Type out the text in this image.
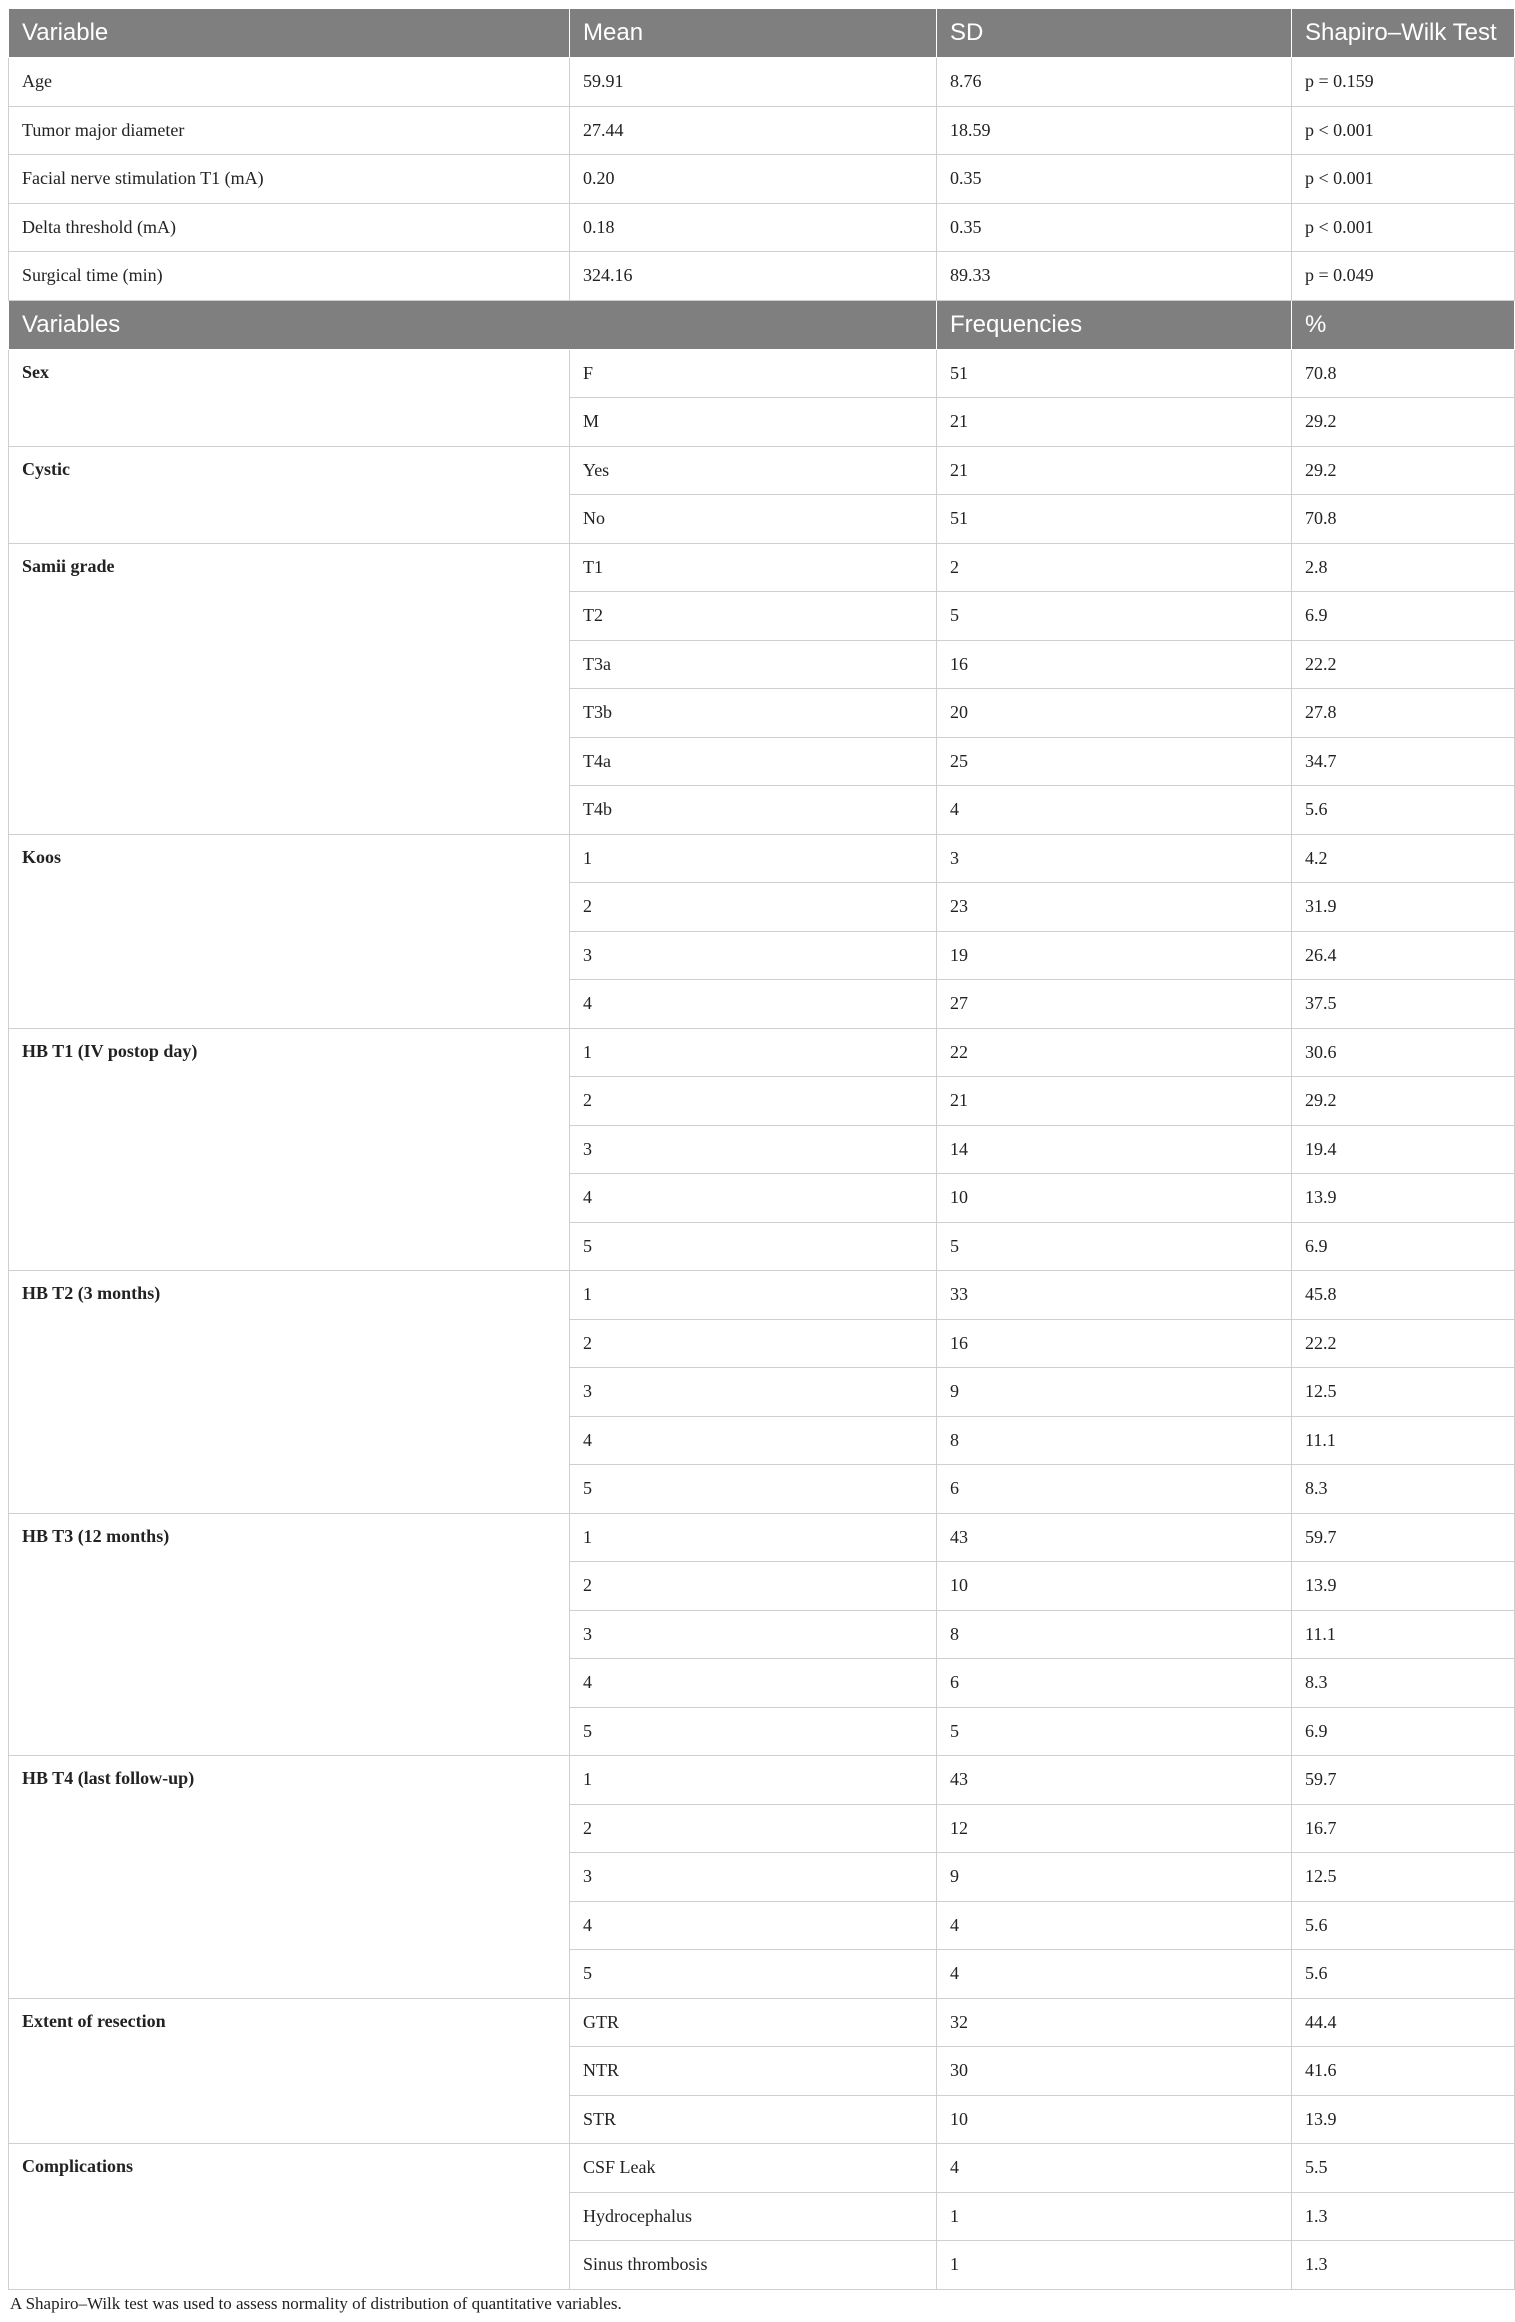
Variable	Mean	SD	Shapiro–Wilk Test
Age	59.91	8.76	p = 0.159
Tumor major diameter	27.44	18.59	p < 0.001
Facial nerve stimulation T1 (mA)	0.20	0.35	p < 0.001
Delta threshold (mA)	0.18	0.35	p < 0.001
Surgical time (min)	324.16	89.33	p = 0.049
Variables		Frequencies	%
Sex	F	51	70.8
	M	21	29.2
Cystic	Yes	21	29.2
	No	51	70.8
Samii grade	T1	2	2.8
	T2	5	6.9
	T3a	16	22.2
	T3b	20	27.8
	T4a	25	34.7
	T4b	4	5.6
Koos	1	3	4.2
	2	23	31.9
	3	19	26.4
	4	27	37.5
HB T1 (IV postop day)	1	22	30.6
	2	21	29.2
	3	14	19.4
	4	10	13.9
	5	5	6.9
HB T2 (3 months)	1	33	45.8
	2	16	22.2
	3	9	12.5
	4	8	11.1
	5	6	8.3
HB T3 (12 months)	1	43	59.7
	2	10	13.9
	3	8	11.1
	4	6	8.3
	5	5	6.9
HB T4 (last follow-up)	1	43	59.7
	2	12	16.7
	3	9	12.5
	4	4	5.6
	5	4	5.6
Extent of resection	GTR	32	44.4
	NTR	30	41.6
	STR	10	13.9
Complications	CSF Leak	4	5.5
	Hydrocephalus	1	1.3
	Sinus thrombosis	1	1.3
A Shapiro–Wilk test was used to assess normality of distribution of quantitative variables.
